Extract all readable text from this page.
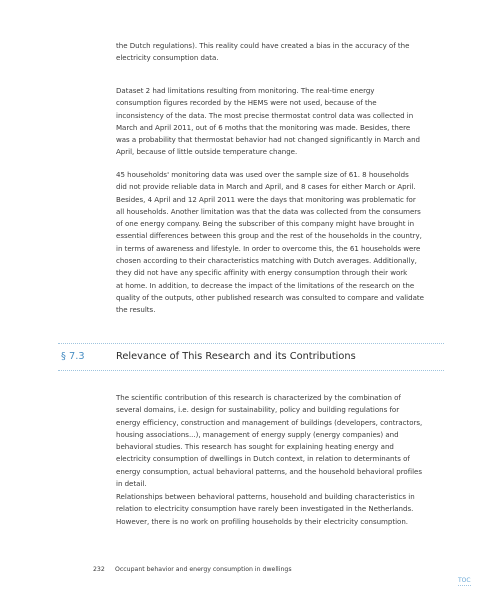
the Dutch regulations). This reality could have created a bias in the accuracy of the

electricity consumption data.

Dataset 2 had limitations resulting from monitoring. The real-time energy

consumption figures recorded by the HEMS were not used, because of the

inconsistency of the data. The most precise thermostat control data was collected in

March and April 2011, out of 6 moths that the monitoring was made. Besides, there

was a probability that thermostat behavior had not changed significantly in March and

April, because of little outside temperature change.

45 households' monitoring data was used over the sample size of 61. 8 households

did not provide reliable data in March and April, and 8 cases for either March or April.

Besides, 4 April and 12 April 2011 were the days that monitoring was problematic for

all households. Another limitation was that the data was collected from the consumers

of one energy company. Being the subscriber of this company might have brought in

essential differences between this group and the rest of the households in the country,

in terms of awareness and lifestyle. In order to overcome this, the 61 households were

chosen according to their characteristics matching with Dutch averages. Additionally,

they did not have any specific affinity with energy consumption through their work

at home. In addition, to decrease the impact of the limitations of the research on the

quality of the outputs, other published research was consulted to compare and validate

the results.

§ 7.3	Relevance of This Research and its Contributions

The scientific contribution of this research is characterized by the combination of

several domains, i.e. design for sustainability, policy and building regulations for

energy efficiency, construction and management of buildings (developers, contractors,

housing associations...), management of energy supply (energy companies) and

behavioral studies. This research has sought for explaining heating energy and

electricity consumption of dwellings in Dutch context, in relation to determinants of

energy consumption, actual behavioral patterns, and the household behavioral profiles

in detail.

Relationships between behavioral patterns, household and building characteristics in

relation to electricity consumption have rarely been investigated in the Netherlands.

However, there is no work on profiling households by their electricity consumption.

232 Occupant behavior and energy consumption in dwellings
TOC
